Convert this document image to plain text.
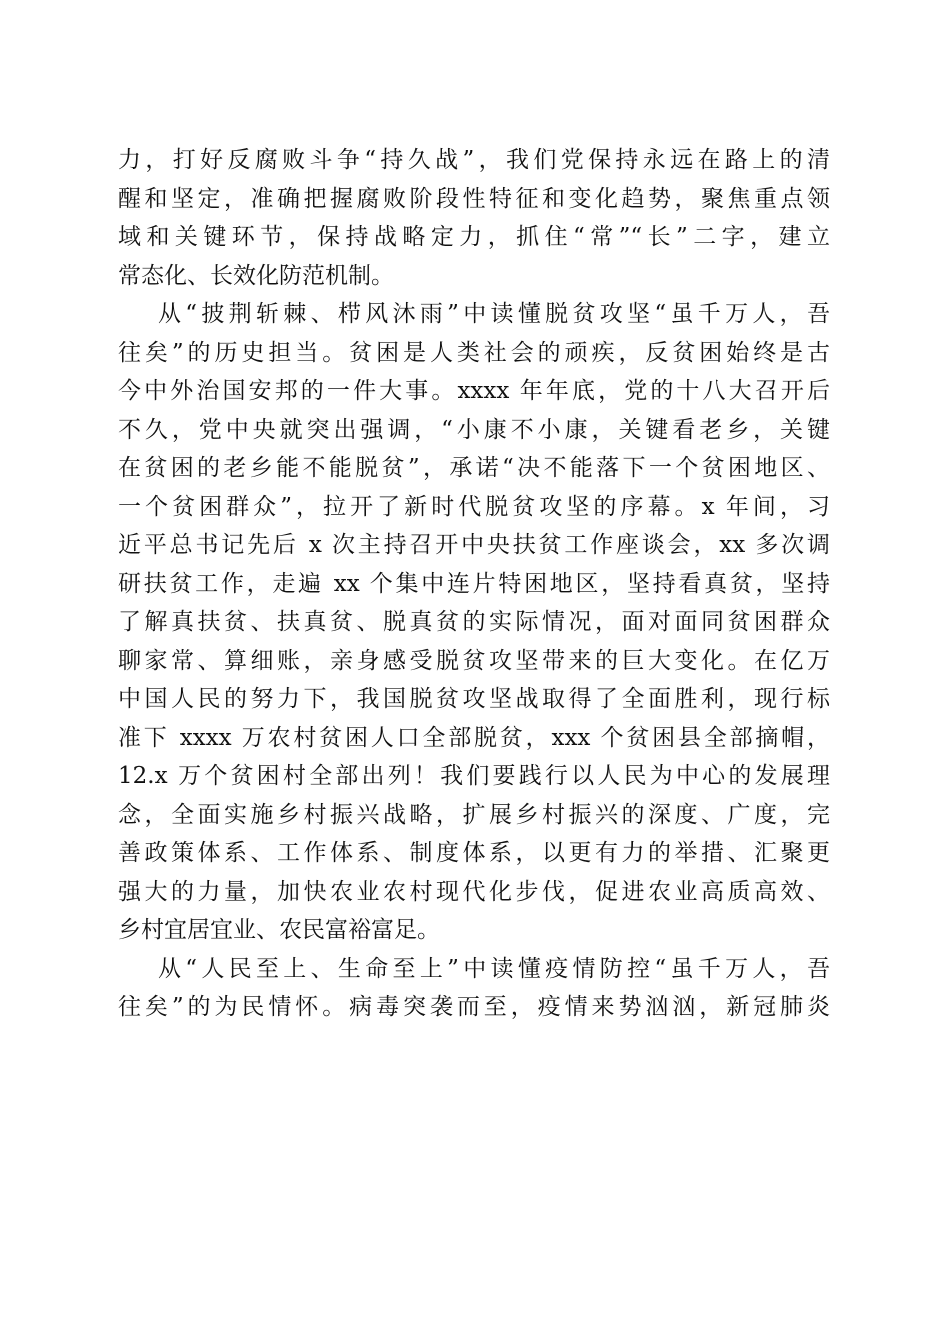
力，打好反腐败斗争“持久战”，我们党保持永远在路上的清
醒和坚定，准确把握腐败阶段性特征和变化趋势，聚焦重点领
域和关键环节，保持战略定力，抓住“常”“长”二字，建立
常态化、长效化防范机制。
从“披荆斩棘、栉风沐雨”中读懂脱贫攻坚“虽千万人，吾
往矣”的历史担当。贫困是人类社会的顽疾，反贫困始终是古
今中外治国安邦的一件大事。xxxx 年年底，党的十八大召开后
不久，党中央就突出强调，“小康不小康，关键看老乡，关键
在贫困的老乡能不能脱贫”，承诺“决不能落下一个贫困地区、
一个贫困群众”，拉开了新时代脱贫攻坚的序幕。x 年间，习
近平总书记先后 x 次主持召开中央扶贫工作座谈会，xx 多次调
研扶贫工作，走遍 xx 个集中连片特困地区，坚持看真贫，坚持
了解真扶贫、扶真贫、脱真贫的实际情况，面对面同贫困群众
聊家常、算细账，亲身感受脱贫攻坚带来的巨大变化。在亿万
中国人民的努力下，我国脱贫攻坚战取得了全面胜利，现行标
准下 xxxx 万农村贫困人口全部脱贫，xxx 个贫困县全部摘帽，
12.x 万个贫困村全部出列！我们要践行以人民为中心的发展理
念，全面实施乡村振兴战略，扩展乡村振兴的深度、广度，完
善政策体系、工作体系、制度体系，以更有力的举措、汇聚更
强大的力量，加快农业农村现代化步伐，促进农业高质高效、
乡村宜居宜业、农民富裕富足。
从“人民至上、生命至上”中读懂疫情防控“虽千万人，吾
往矣”的为民情怀。病毒突袭而至，疫情来势汹汹，新冠肺炎
